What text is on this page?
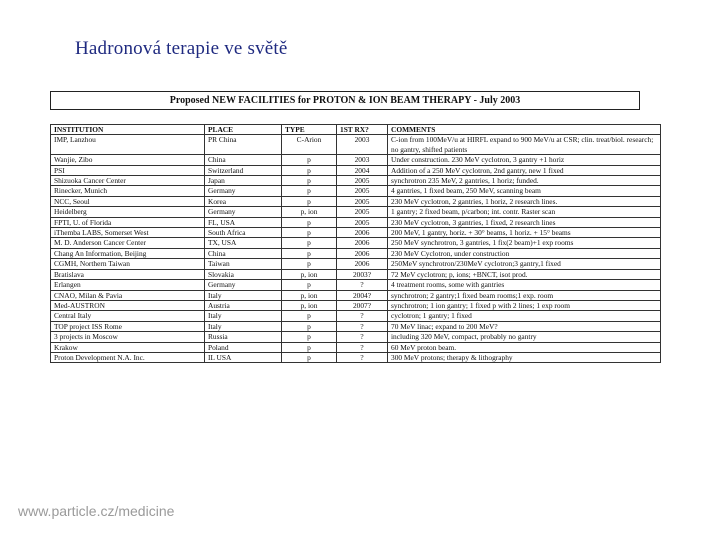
Hadronová terapie ve světě
Proposed NEW FACILITIES for PROTON & ION BEAM THERAPY - July 2003
INSTITUTION	PLACE	TYPE	1ST RX?	COMMENTS
IMP, Lanzhou	PR China	C-Arion	2003	C-ion from 100MeV/u at HIRFL expand to 900 MeV/u at CSR; clin. treat/biol. research; no gantry, shifted patients
Wanjie, Zibo	China	p	2003	Under construction. 230 MeV cyclotron, 3 gantry +1 horiz
PSI	Switzerland	p	2004	Addition of a 250 MeV cyclotron, 2nd gantry, new 1 fixed
Shizuoka Cancer Center	Japan	p	2005	synchrotron 235 MeV, 2 gantries, 1 horiz; funded.
Rinecker, Munich	Germany	p	2005	4 gantries, 1 fixed beam, 250 MeV, scanning beam
NCC, Seoul	Korea	p	2005	230 MeV cyclotron, 2 gantries, 1 horiz, 2 research lines.
Heidelberg	Germany	p, ion	2005	1 gantry; 2 fixed beam, p/carbon; int. contr. Raster scan
FPTI, U. of Florida	FL, USA	p	2005	230 MeV cyclotron, 3 gantries, 1 fixed, 2 research lines
iThemba LABS, Somerset West	South Africa	p	2006	200 MeV, 1 gantry, horiz. + 30° beams, 1 horiz. + 15° beams
M. D. Anderson Cancer Center	TX, USA	p	2006	250 MeV synchrotron, 3 gantries, 1 fix(2 beam)+1 exp rooms
Chang An Information, Beijing	China	p	2006	230 MeV Cyclotron, under construction
CGMH, Northern Taiwan	Taiwan	p	2006	250MeV synchrotron/230MeV cyclotron;3 gantry,1 fixed
Bratislava	Slovakia	p, ion	2003?	72 MeV cyclotron; p, ions; +BNCT, isot prod.
Erlangen	Germany	p	?	4 treatment rooms, some with gantries
CNAO, Milan & Pavia	Italy	p, ion	2004?	synchrotron; 2 gantry;1 fixed beam rooms;1 exp. room
Med-AUSTRON	Austria	p, ion	2007?	synchrotron; 1 ion gantry; 1 fixed p with 2 lines; 1 exp room
Central Italy	Italy	p	?	cyclotron; 1 gantry; 1 fixed
TOP project ISS Rome	Italy	p	?	70 MeV linac; expand to 200 MeV?
3 projects in Moscow	Russia	p	?	including 320 MeV, compact, probably no gantry
Krakow	Poland	p	?	60 MeV proton beam.
Proton Development N.A. Inc.	IL USA	p	?	300 MeV protons; therapy & lithography
www.particle.cz/medicine
